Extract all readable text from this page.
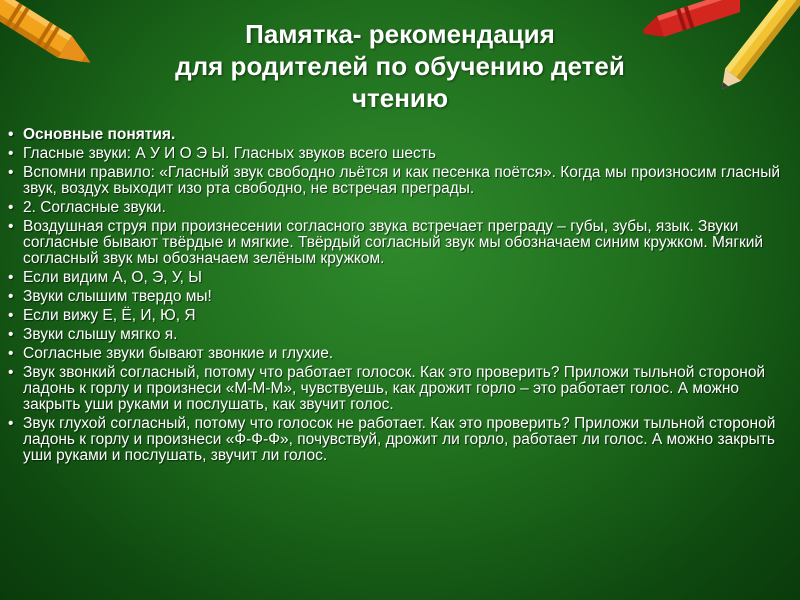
Памятка- рекомендация
для родителей по обучению детей
чтению
• Основные понятия.
• Гласные звуки: А У И О Э Ы. Гласных звуков всего шесть
• Вспомни правило: «Гласный звук свободно льётся и как песенка поётся». Когда мы произносим гласный звук, воздух выходит изо рта свободно, не встречая преграды.
• 2. Согласные звуки.
• Воздушная струя при произнесении согласного звука встречает преграду – губы, зубы, язык. Звуки согласные бывают твёрдые и мягкие. Твёрдый согласный звук мы обозначаем синим кружком. Мягкий согласный звук мы обозначаем зелёным кружком.
• Если видим А, О, Э, У, Ы
• Звуки слышим твердо мы!
• Если вижу Е, Ё, И, Ю, Я
• Звуки слышу мягко я.
• Согласные звуки бывают звонкие и глухие.
• Звук звонкий согласный, потому что работает голосок. Как это проверить? Приложи тыльной стороной ладонь к горлу и произнеси «М-М-М», чувствуешь, как дрожит горло – это работает голос. А можно закрыть уши руками и послушать, как звучит голос.
• Звук глухой согласный, потому что голосок не работает. Как это проверить? Приложи тыльной стороной ладонь к горлу и произнеси «Ф-Ф-Ф», почувствуй, дрожит ли горло, работает ли голос. А можно закрыть уши руками и послушать, звучит ли голос.
